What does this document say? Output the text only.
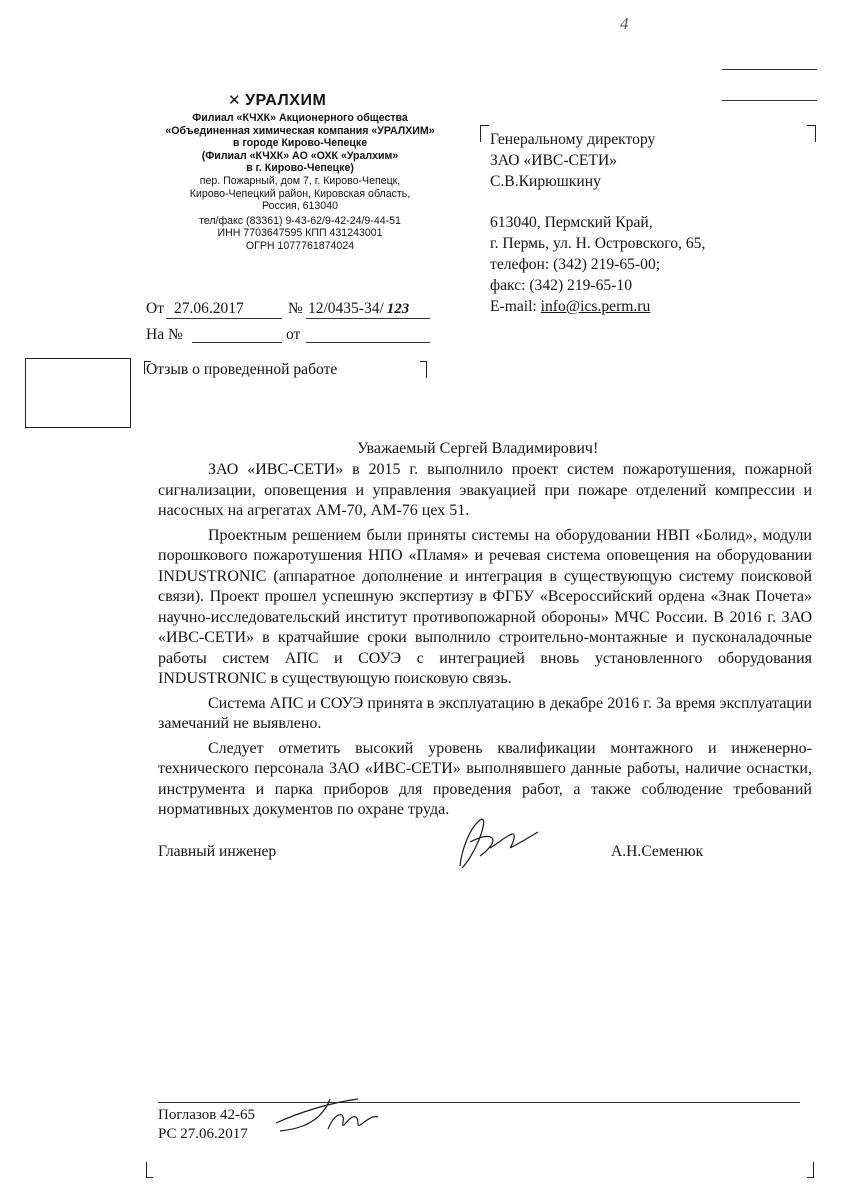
4
✕ УРАЛХИМ
Филиал «КЧХК» Акционерного общества
«Объединенная химическая компания «УРАЛХИМ»
в городе Кирово-Чепецке
(Филиал «КЧХК» АО «ОХК «Уралхим»
в г. Кирово-Чепецке)
пер. Пожарный, дом 7, г. Кирово-Чепецк,
Кирово-Чепецкий район, Кировская область,
Россия, 613040
тел/факс (83361) 9-43-62/9-42-24/9-44-51
ИНН 7703647595 КПП 431243001
ОГРН 1077761874024
Генеральному директору
ЗАО «ИВС-СЕТИ»
С.В.Кирюшкину
613040, Пермский Край,
г. Пермь, ул. Н. Островского, 65,
телефон: (342) 219-65-00;
факс: (342) 219-65-10
E-mail: info@ics.perm.ru
От 27.06.2017	№ 12/0435-34/ 123
На №	от
Отзыв о проведенной работе
Уважаемый Сергей Владимирович!

ЗАО «ИВС-СЕТИ» в 2015 г. выполнило проект систем пожаротушения, пожарной сигнализации, оповещения и управления эвакуацией при пожаре отделений компрессии и насосных на агрегатах АМ-70, АМ-76 цех 51.

Проектным решением были приняты системы на оборудовании НВП «Болид», модули порошкового пожаротушения НПО «Пламя» и речевая система оповещения на оборудовании INDUSTRONIC (аппаратное дополнение и интеграция в существующую систему поисковой связи). Проект прошел успешную экспертизу в ФГБУ «Всероссийский ордена «Знак Почета» научно-исследовательский институт противопожарной обороны» МЧС России. В 2016 г. ЗАО «ИВС-СЕТИ» в кратчайшие сроки выполнило строительно-монтажные и пусконаладочные работы систем АПС и СОУЭ с интеграцией вновь установленного оборудования INDUSTRONIC в существующую поисковую связь.

Система АПС и СОУЭ принята в эксплуатацию в декабре 2016 г. За время эксплуатации замечаний не выявлено.

Следует отметить высокий уровень квалификации монтажного и инженерно-технического персонала ЗАО «ИВС-СЕТИ» выполнявшего данные работы, наличие оснастки, инструмента и парка приборов для проведения работ, а также соблюдение требований нормативных документов по охране труда.

Главный инженер	А.Н.Семенюк
Поглазов 42-65
РС 27.06.2017
